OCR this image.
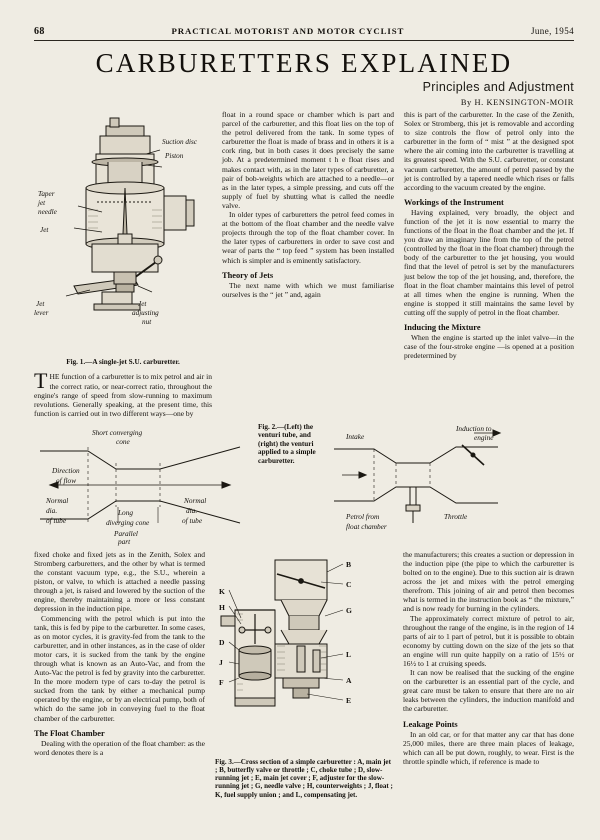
68	PRACTICAL MOTORIST AND MOTOR CYCLIST	June, 1954
CARBURETTERS EXPLAINED
Principles and Adjustment
By H. KENSINGTON-MOIR
Suction disc
Piston
Taper
jet
needle
Jet
Jet
lever
Jet
adjusting
nut
Fig. 1.—A single-jet S.U. carburetter.

THE function of a carburetter is to mix petrol and air in the correct ratio, or near-correct ratio, throughout the engine's range of speed from slow-running to maximum revolutions. Generally speaking, at the present time, this function is carried out in two different ways—one by

float in a round space or chamber which is part and parcel of the carburetter, and this float lies on the top of the petrol delivered from the tank. In some types of carburetter the float is made of brass and in others it is a cork ring, but in both cases it does precisely the same job. At a predetermined moment t h e float rises and makes contact with, as in the later types of carburetter, a pair of bob-weights which are attached to a needle—or as in the later types, a simple pressing, and cuts off the supply of fuel by shutting what is called the needle valve.

In older types of carburetters the petrol feed comes in at the bottom of the float chamber and the needle valve projects through the top of the float chamber cover. In the later types of carburetters in order to save cost and wear of parts the “ top feed ” system has been installed which is simpler and is eminently satisfactory.

Theory of Jets

The next name with which we must familiarise ourselves is the “ jet ” and, again

this is part of the carburetter. In the case of the Zenith, Solex or Stromberg, this jet is removable and according to size controls the flow of petrol only into the carburetter in the form of “ mist ” at the designed spot where the air coming into the carburetter is travelling at its greatest speed. With the S.U. carburetter, or constant vacuum carburetter, the amount of petrol passed by the jet is controlled by a tapered needle which rises or falls according to the vacuum created by the engine.

Workings of the Instrument

Having explained, very broadly, the object and function of the jet it is now essential to marry the functions of the float in the float chamber and the jet. If you draw an imaginary line from the top of the petrol (controlled by the float in the float chamber) through the body of the carburetter to the jet housing, you would find that the level of petrol is set by the manufacturers just below the top of the jet housing, and, therefore, the float in the float chamber maintains this level of petrol at all times when the engine is running. When the engine is stopped it still maintains the same level by cutting off the supply of petrol in the float chamber.

Inducing the Mixture

When the engine is started up the inlet valve—in the case of the four-stroke engine —is opened at a position predetermined by

Short converging
cone
Direction
of flow
Normal
dia.
of tube
Long
diverging cone
Normal
dia.
of tube
Parallel
part
Fig. 2.—(Left) the venturi tube, and (right) the venturi applied to a simple carburetter.
Intake
Induction to
engine
Petrol from
float chamber
Throttle

fixed choke and fixed jets as in the Zenith, Solex and Stromberg carburetters, and the other by what is termed the constant vacuum type, e.g., the S.U., wherein a piston, or valve, to which is attached a needle passing through a jet, is raised and lowered by the suction of the engine, thereby maintaining a more or less constant depression in the induction pipe.

Commencing with the petrol which is put into the tank, this is fed by pipe to the carburetter. In some cases, as on motor cycles, it is gravity-fed from the tank to the carburetter, and in other instances, as in the case of older motor cars, it is sucked from the tank by the engine through what is known as an Auto-Vac, and from the Auto-Vac the petrol is fed by gravity into the carburetter. In the more modern type of cars to-day the petrol is sucked from the tank by either a mechanical pump operated by the engine, or by an electrical pump, both of which do the same job in conveying fuel to the float chamber of the carburetter.

The Float Chamber

Dealing with the operation of the float chamber: as the word denotes there is a

B
C
G
L
A
E
K
H
D
J
F
Fig. 3.—Cross section of a simple carburetter : A, main jet ; B, butterfly valve or throttle ; C, choke tube ; D, slow-running jet ; E, main jet cover ; F, adjuster for the slow-running jet ; G, needle valve ; H, counterweights ; J, float ; K, fuel supply union ; and L, compensating jet.

the manufacturers; this creates a suction or depression in the induction pipe (the pipe to which the carburetter is bolted on to the engine). Due to this suction air is drawn across the jet and mixes with the petrol emerging therefrom. This joining of air and petrol then becomes what is termed in the instruction book as “ the mixture,” and is now ready for burning in the cylinders.

The approximately correct mixture of petrol to air, throughout the range of the engine, is in the region of 14 parts of air to 1 part of petrol, but it is possible to obtain economy by cutting down on the size of the jets so that an engine will run quite happily on a ratio of 15½ or 16½ to 1 at cruising speeds.

It can now be realised that the sucking of the engine on the carburetter is an essential part of the cycle, and great care must be taken to ensure that there are no air leaks between the cylinders, the induction manifold and the carburetter.

Leakage Points

In an old car, or for that matter any car that has done 25,000 miles, there are three main places of leakage, which can all be put down, roughly, to wear. First is the throttle spindle which, if reference is made to
